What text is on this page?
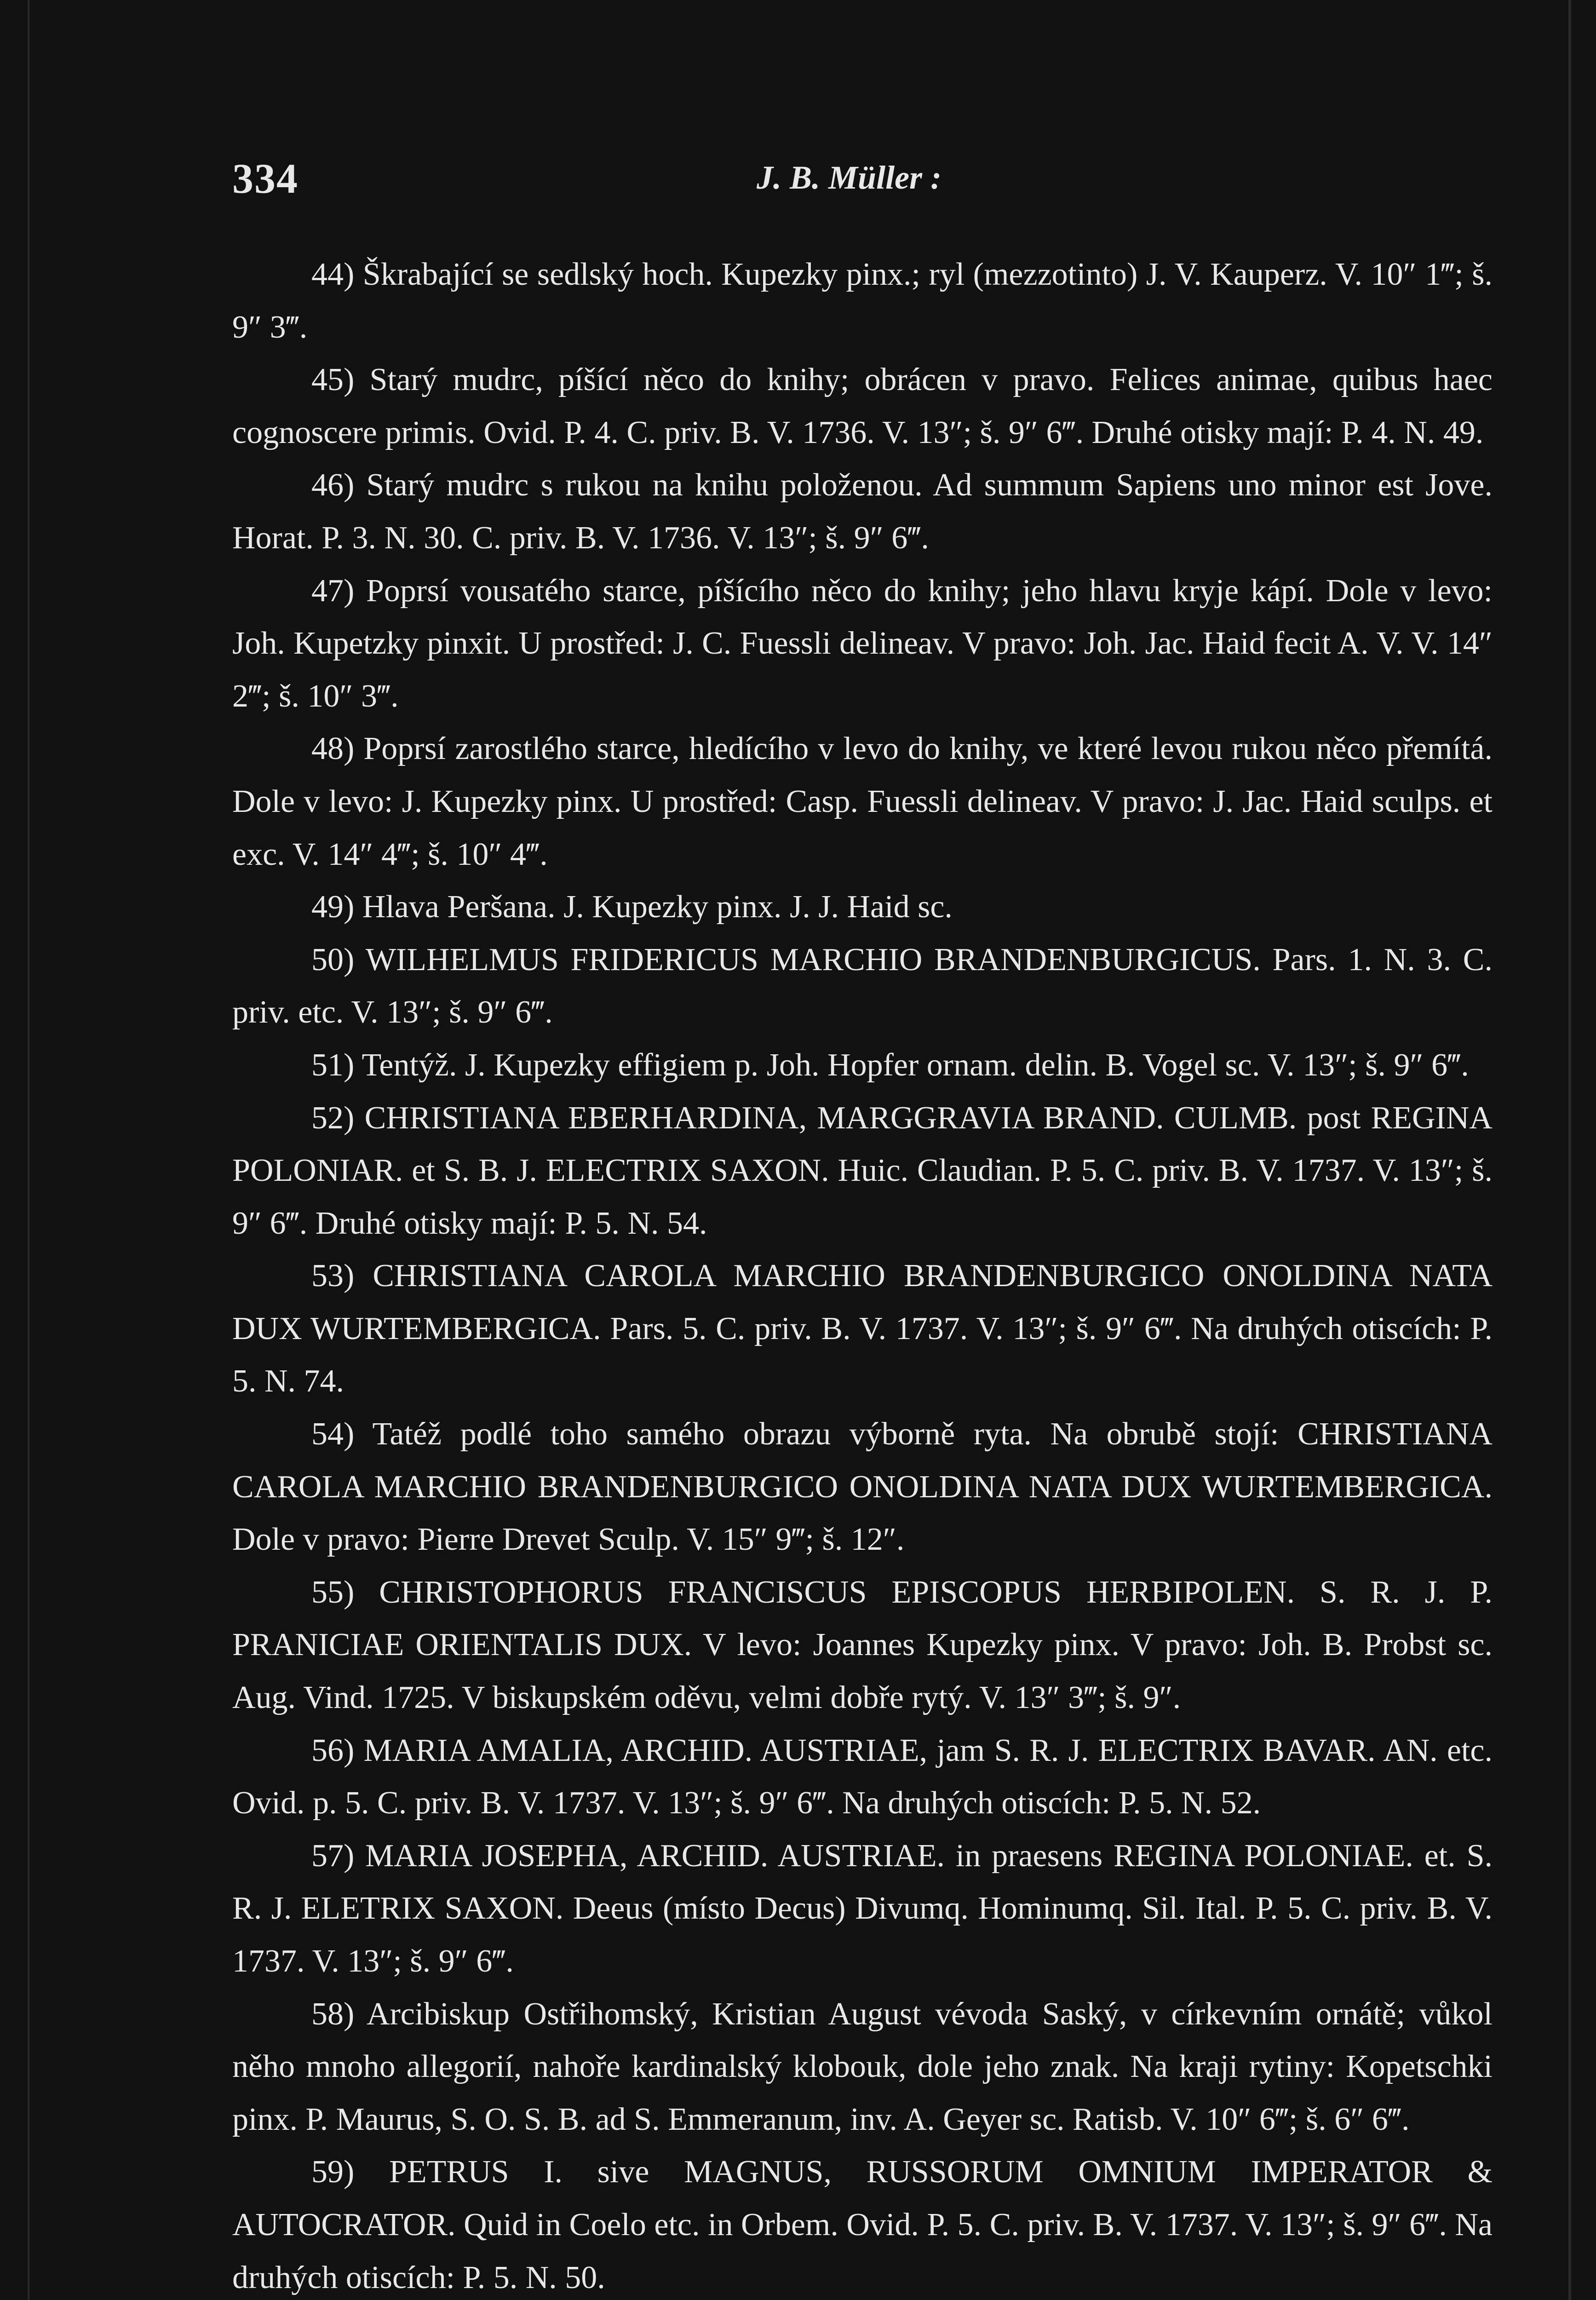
334	J. B. Müller :

44) Škrabající se sedlský hoch. Kupezky pinx.; ryl (mezzotinto) J. V. Kauperz. V. 10″ 1‴; š. 9″ 3‴.

45) Starý mudrc, píšící něco do knihy; obrácen v pravo. Felices animae, quibus haec cognoscere primis. Ovid. P. 4. C. priv. B. V. 1736. V. 13″; š. 9″ 6‴. Druhé otisky mají: P. 4. N. 49.

46) Starý mudrc s rukou na knihu položenou. Ad summum Sapiens uno minor est Jove. Horat. P. 3. N. 30. C. priv. B. V. 1736. V. 13″; š. 9″ 6‴.

47) Poprsí vousatého starce, píšícího něco do knihy; jeho hlavu kryje kápí. Dole v levo: Joh. Kupetzky pinxit. U prostřed: J. C. Fuessli delineav. V pravo: Joh. Jac. Haid fecit A. V. V. 14″ 2‴; š. 10″ 3‴.

48) Poprsí zarostlého starce, hledícího v levo do knihy, ve které levou rukou něco přemítá. Dole v levo: J. Kupezky pinx. U prostřed: Casp. Fuessli delineav. V pravo: J. Jac. Haid sculps. et exc. V. 14″ 4‴; š. 10″ 4‴.

49) Hlava Peršana. J. Kupezky pinx. J. J. Haid sc.

50) WILHELMUS FRIDERICUS MARCHIO BRANDENBURGICUS. Pars. 1. N. 3. C. priv. etc. V. 13″; š. 9″ 6‴.

51) Tentýž. J. Kupezky effigiem p. Joh. Hopfer ornam. delin. B. Vogel sc. V. 13″; š. 9″ 6‴.

52) CHRISTIANA EBERHARDINA, MARGGRAVIA BRAND. CULMB. post REGINA POLONIAR. et S. B. J. ELECTRIX SAXON. Huic. Claudian. P. 5. C. priv. B. V. 1737. V. 13″; š. 9″ 6‴. Druhé otisky mají: P. 5. N. 54.

53) CHRISTIANA CAROLA MARCHIO BRANDENBURGICO ONOLDINA NATA DUX WURTEMBERGICA. Pars. 5. C. priv. B. V. 1737. V. 13″; š. 9″ 6‴. Na druhých otiscích: P. 5. N. 74.

54) Tatéž podlé toho samého obrazu výborně ryta. Na obrubě stojí: CHRISTIANA CAROLA MARCHIO BRANDENBURGICO ONOLDINA NATA DUX WURTEMBERGICA. Dole v pravo: Pierre Drevet Sculp. V. 15″ 9‴; š. 12″.

55) CHRISTOPHORUS FRANCISCUS EPISCOPUS HERBIPOLEN. S. R. J. P. PRANICIAE ORIENTALIS DUX. V levo: Joannes Kupezky pinx. V pravo: Joh. B. Probst sc. Aug. Vind. 1725. V biskupském oděvu, velmi dobře rytý. V. 13″ 3‴; š. 9″.

56) MARIA AMALIA, ARCHID. AUSTRIAE, jam S. R. J. ELECTRIX BAVAR. AN. etc. Ovid. p. 5. C. priv. B. V. 1737. V. 13″; š. 9″ 6‴. Na druhých otiscích: P. 5. N. 52.

57) MARIA JOSEPHA, ARCHID. AUSTRIAE. in praesens REGINA POLONIAE. et. S. R. J. ELETRIX SAXON. Deeus (místo Decus) Divumq. Hominumq. Sil. Ital. P. 5. C. priv. B. V. 1737. V. 13″; š. 9″ 6‴.

58) Arcibiskup Ostřihomský, Kristian August vévoda Saský, v církevním ornátě; vůkol něho mnoho allegorií, nahoře kardinalský klobouk, dole jeho znak. Na kraji rytiny: Kopetschki pinx. P. Maurus, S. O. S. B. ad S. Emmeranum, inv. A. Geyer sc. Ratisb. V. 10″ 6‴; š. 6″ 6‴.

59) PETRUS I. sive MAGNUS, RUSSORUM OMNIUM IMPERATOR & AUTOCRATOR. Quid in Coelo etc. in Orbem. Ovid. P. 5. C. priv. B. V. 1737. V. 13″; š. 9″ 6‴. Na druhých otiscích: P. 5. N. 50.
